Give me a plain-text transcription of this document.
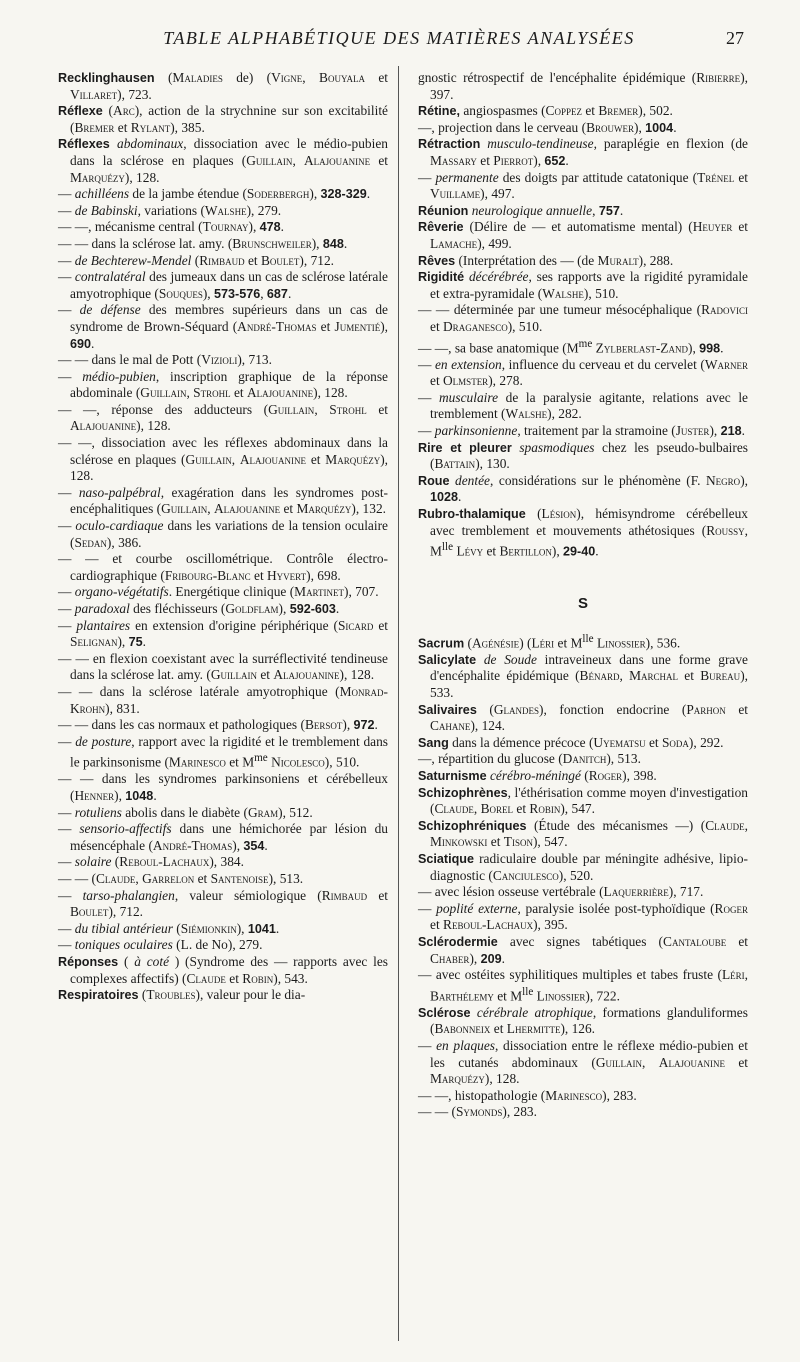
TABLE ALPHABÉTIQUE DES MATIÈRES ANALYSÉES	27

Recklinghausen (Maladies de) (Vigne, Bouyala et Villaret), 723.

Réflexe (Arc), action de la strychnine sur son excitabilité (Bremer et Rylant), 385.

Réflexes abdominaux, dissociation avec le médio-pubien dans la sclérose en plaques (Guillain, Alajouanine et Marquézy), 128.

— achilléens de la jambe étendue (Soderbergh), 328-329.

— de Babinski, variations (Walshe), 279.

— —, mécanisme central (Tournay), 478.

— — dans la sclérose lat. amy. (Brunschweiler), 848.

— de Bechterew-Mendel (Rimbaud et Boulet), 712.

— contralatéral des jumeaux dans un cas de sclérose latérale amyotrophique (Souques), 573-576, 687.

— de défense des membres supérieurs dans un cas de syndrome de Brown-Séquard (André-Thomas et Jumentié), 690.

— — dans le mal de Pott (Vizioli), 713.

— médio-pubien, inscription graphique de la réponse abdominale (Guillain, Strohl et Alajouanine), 128.

— —, réponse des adducteurs (Guillain, Strohl et Alajouanine), 128.

— —, dissociation avec les réflexes abdominaux dans la sclérose en plaques (Guillain, Alajouanine et Marquézy), 128.

— naso-palpébral, exagération dans les syndromes post-encéphalitiques (Guillain, Alajouanine et Marquézy), 132.

— oculo-cardiaque dans les variations de la tension oculaire (Sedan), 386.

— — et courbe oscillométrique. Contrôle électro-cardiographique (Fribourg-Blanc et Hyvert), 698.

— organo-végétatifs. Energétique clinique (Martinet), 707.

— paradoxal des fléchisseurs (Goldflam), 592-603.

— plantaires en extension d'origine périphérique (Sicard et Selignan), 75.

— — en flexion coexistant avec la surréflectivité tendineuse dans la sclérose lat. amy. (Guillain et Alajouanine), 128.

— — dans la sclérose latérale amyotrophique (Monrad-Krohn), 831.

— — dans les cas normaux et pathologiques (Bersot), 972.

— de posture, rapport avec la rigidité et le tremblement dans le parkinsonisme (Marinesco et $M^{me}$ Nicolesco), 510.

— — dans les syndromes parkinsoniens et cérébelleux (Henner), 1048.

— rotuliens abolis dans le diabète (Gram), 512.

— sensorio-affectifs dans une hémichorée par lésion du mésencéphale (André-Thomas), 354.

— solaire (Reboul-Lachaux), 384.

— — (Claude, Garrelon et Santenoise), 513.

— tarso-phalangien, valeur sémiologique (Rimbaud et Boulet), 712.

— du tibial antérieur (Siémionkin), 1041.

— toniques oculaires (L. de No), 279.

Réponses ( à coté ) (Syndrome des — rapports avec les complexes affectifs) (Claude et Robin), 543.

Respiratoires (Troubles), valeur pour le dia-

gnostic rétrospectif de l'encéphalite épidémique (Ribierre), 397.

Rétine, angiospasmes (Coppez et Bremer), 502.

—, projection dans le cerveau (Brouwer), 1004.

Rétraction musculo-tendineuse, paraplégie en flexion (de Massary et Pierrot), 652.

— permanente des doigts par attitude catatonique (Trénel et Vuillame), 497.

Réunion neurologique annuelle, 757.

Rêverie (Délire de — et automatisme mental) (Heuyer et Lamache), 499.

Rêves (Interprétation des — (de Muralt), 288.

Rigidité décérébrée, ses rapports ave la rigidité pyramidale et extra-pyramidale (Walshe), 510.

— — déterminée par une tumeur mésocéphalique (Radovici et Draganesco), 510.

— —, sa base anatomique ($M^{me}$ Zylberlast-Zand), 998.

— en extension, influence du cerveau et du cervelet (Warner et Olmster), 278.

— musculaire de la paralysie agitante, relations avec le tremblement (Walshe), 282.

— parkinsonienne, traitement par la stramoine (Juster), 218.

Rire et pleurer spasmodiques chez les pseudo-bulbaires (Battain), 130.

Roue dentée, considérations sur le phénomène (F. Negro), 1028.

Rubro-thalamique (Lésion), hémisyndrome cérébelleux avec tremblement et mouvements athétosiques (Roussy, $M^{lle}$ Lévy et Bertillon), 29-40.

S

Sacrum (Agénésie) (Léri et $M^{lle}$ Linossier), 536.

Salicylate de Soude intraveineux dans une forme grave d'encéphalite épidémique (Bénard, Marchal et Bureau), 533.

Salivaires (Glandes), fonction endocrine (Parhon et Cahane), 124.

Sang dans la démence précoce (Uyematsu et Soda), 292.

—, répartition du glucose (Danitch), 513.

Saturnisme cérébro-méningé (Roger), 398.

Schizophrènes, l'éthérisation comme moyen d'investigation (Claude, Borel et Robin), 547.

Schizophréniques (Étude des mécanismes —) (Claude, Minkowski et Tison), 547.

Sciatique radiculaire double par méningite adhésive, lipio-diagnostic (Canciulesco), 520.

— avec lésion osseuse vertébrale (Laquerrière), 717.

— poplité externe, paralysie isolée post-typhoïdique (Roger et Reboul-Lachaux), 395.

Sclérodermie avec signes tabétiques (Cantaloube et Chaber), 209.

— avec ostéites syphilitiques multiples et tabes fruste (Léri, Barthélemy et $M^{lle}$ Linossier), 722.

Sclérose cérébrale atrophique, formations glanduliformes (Babonneix et Lhermitte), 126.

— en plaques, dissociation entre le réflexe médio-pubien et les cutanés abdominaux (Guillain, Alajouanine et Marquézy), 128.

— —, histopathologie (Marinesco), 283.

— — (Symonds), 283.
